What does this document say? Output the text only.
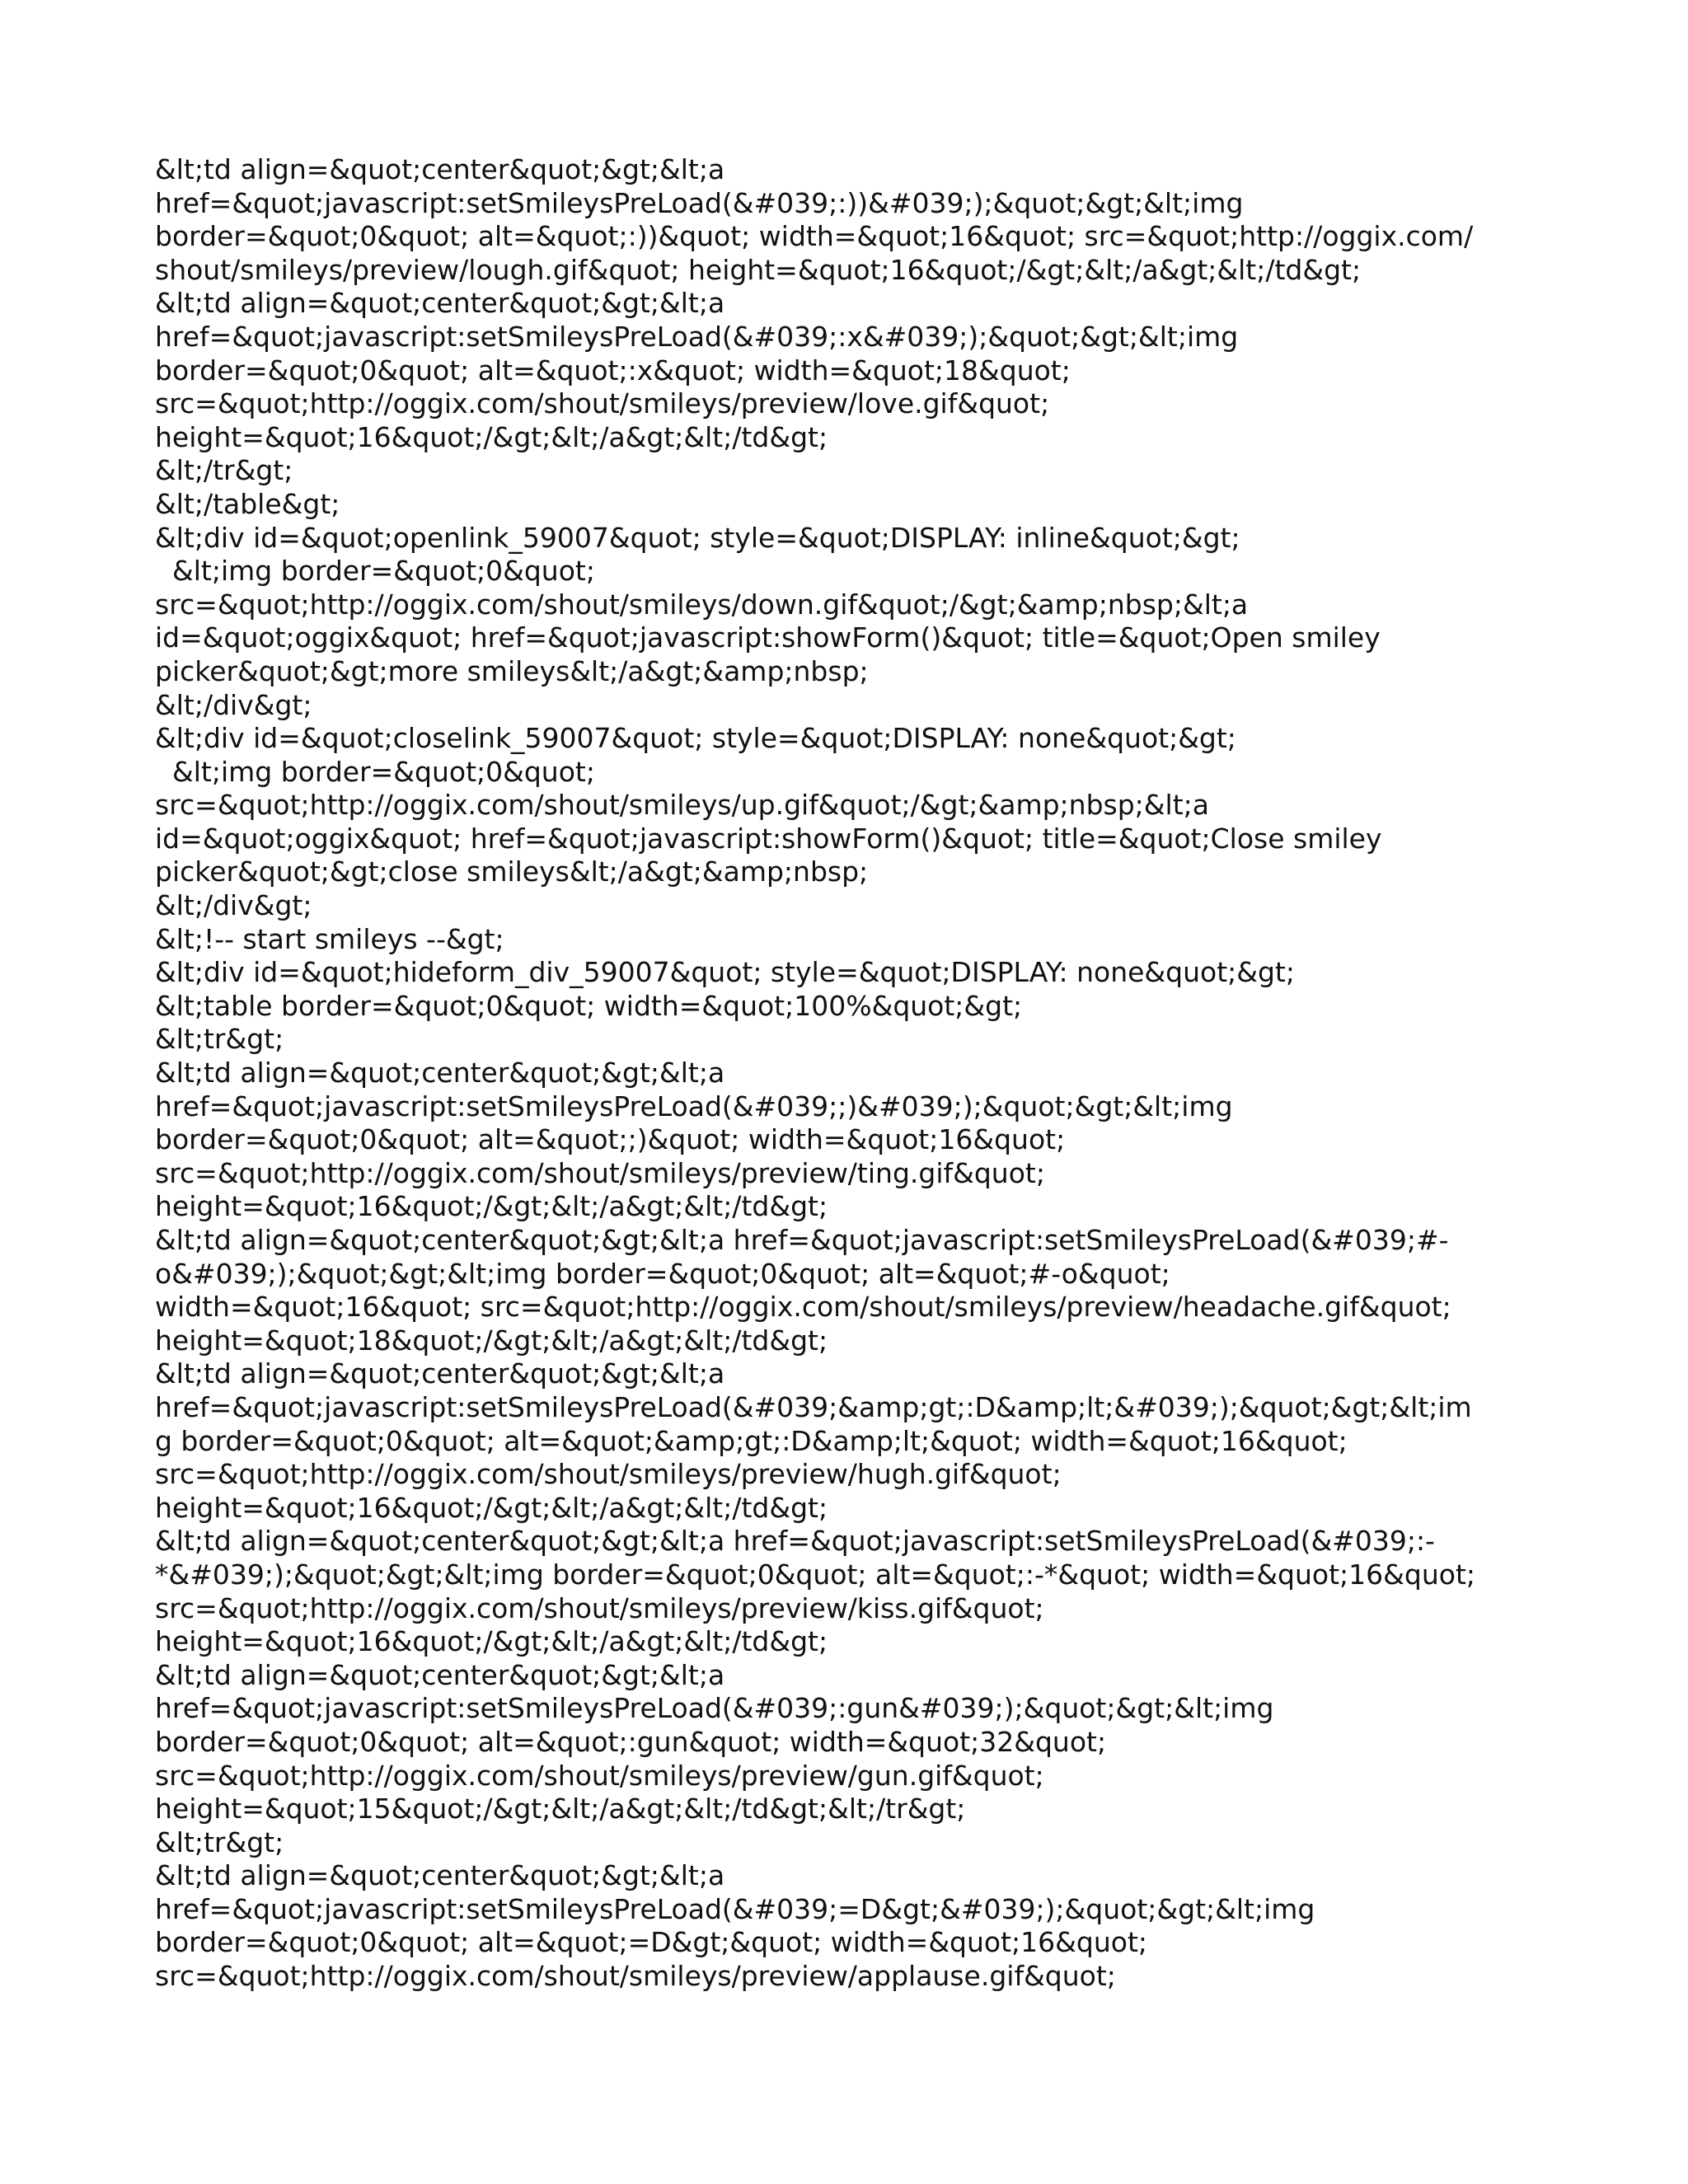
&lt;td align=&quot;center&quot;&gt;&lt;a
href=&quot;javascript:setSmileysPreLoad(&#039;:))&#039;);&quot;&gt;&lt;img
border=&quot;0&quot; alt=&quot;:))&quot; width=&quot;16&quot; src=&quot;http://oggix.com/
shout/smileys/preview/lough.gif&quot; height=&quot;16&quot;/&gt;&lt;/a&gt;&lt;/td&gt;
&lt;td align=&quot;center&quot;&gt;&lt;a
href=&quot;javascript:setSmileysPreLoad(&#039;:x&#039;);&quot;&gt;&lt;img
border=&quot;0&quot; alt=&quot;:x&quot; width=&quot;18&quot;
src=&quot;http://oggix.com/shout/smileys/preview/love.gif&quot;
height=&quot;16&quot;/&gt;&lt;/a&gt;&lt;/td&gt;
&lt;/tr&gt;
&lt;/table&gt;
&lt;div id=&quot;openlink_59007&quot; style=&quot;DISPLAY: inline&quot;&gt;
&lt;img border=&quot;0&quot;
src=&quot;http://oggix.com/shout/smileys/down.gif&quot;/&gt;&amp;nbsp;&lt;a
id=&quot;oggix&quot; href=&quot;javascript:showForm()&quot; title=&quot;Open smiley
picker&quot;&gt;more smileys&lt;/a&gt;&amp;nbsp;
&lt;/div&gt;
&lt;div id=&quot;closelink_59007&quot; style=&quot;DISPLAY: none&quot;&gt;
&lt;img border=&quot;0&quot;
src=&quot;http://oggix.com/shout/smileys/up.gif&quot;/&gt;&amp;nbsp;&lt;a
id=&quot;oggix&quot; href=&quot;javascript:showForm()&quot; title=&quot;Close smiley
picker&quot;&gt;close smileys&lt;/a&gt;&amp;nbsp;
&lt;/div&gt;
&lt;!-- start smileys --&gt;
&lt;div id=&quot;hideform_div_59007&quot; style=&quot;DISPLAY: none&quot;&gt;
&lt;table border=&quot;0&quot; width=&quot;100%&quot;&gt;
&lt;tr&gt;
&lt;td align=&quot;center&quot;&gt;&lt;a
href=&quot;javascript:setSmileysPreLoad(&#039;;)&#039;);&quot;&gt;&lt;img
border=&quot;0&quot; alt=&quot;;)&quot; width=&quot;16&quot;
src=&quot;http://oggix.com/shout/smileys/preview/ting.gif&quot;
height=&quot;16&quot;/&gt;&lt;/a&gt;&lt;/td&gt;
&lt;td align=&quot;center&quot;&gt;&lt;a href=&quot;javascript:setSmileysPreLoad(&#039;#-
o&#039;);&quot;&gt;&lt;img border=&quot;0&quot; alt=&quot;#-o&quot;
width=&quot;16&quot; src=&quot;http://oggix.com/shout/smileys/preview/headache.gif&quot;
height=&quot;18&quot;/&gt;&lt;/a&gt;&lt;/td&gt;
&lt;td align=&quot;center&quot;&gt;&lt;a
href=&quot;javascript:setSmileysPreLoad(&#039;&amp;gt;:D&amp;lt;&#039;);&quot;&gt;&lt;im
g border=&quot;0&quot; alt=&quot;&amp;gt;:D&amp;lt;&quot; width=&quot;16&quot;
src=&quot;http://oggix.com/shout/smileys/preview/hugh.gif&quot;
height=&quot;16&quot;/&gt;&lt;/a&gt;&lt;/td&gt;
&lt;td align=&quot;center&quot;&gt;&lt;a href=&quot;javascript:setSmileysPreLoad(&#039;:-
*&#039;);&quot;&gt;&lt;img border=&quot;0&quot; alt=&quot;:-*&quot; width=&quot;16&quot;
src=&quot;http://oggix.com/shout/smileys/preview/kiss.gif&quot;
height=&quot;16&quot;/&gt;&lt;/a&gt;&lt;/td&gt;
&lt;td align=&quot;center&quot;&gt;&lt;a
href=&quot;javascript:setSmileysPreLoad(&#039;:gun&#039;);&quot;&gt;&lt;img
border=&quot;0&quot; alt=&quot;:gun&quot; width=&quot;32&quot;
src=&quot;http://oggix.com/shout/smileys/preview/gun.gif&quot;
height=&quot;15&quot;/&gt;&lt;/a&gt;&lt;/td&gt;&lt;/tr&gt;
&lt;tr&gt;
&lt;td align=&quot;center&quot;&gt;&lt;a
href=&quot;javascript:setSmileysPreLoad(&#039;=D&gt;&#039;);&quot;&gt;&lt;img
border=&quot;0&quot; alt=&quot;=D&gt;&quot; width=&quot;16&quot;
src=&quot;http://oggix.com/shout/smileys/preview/applause.gif&quot;
